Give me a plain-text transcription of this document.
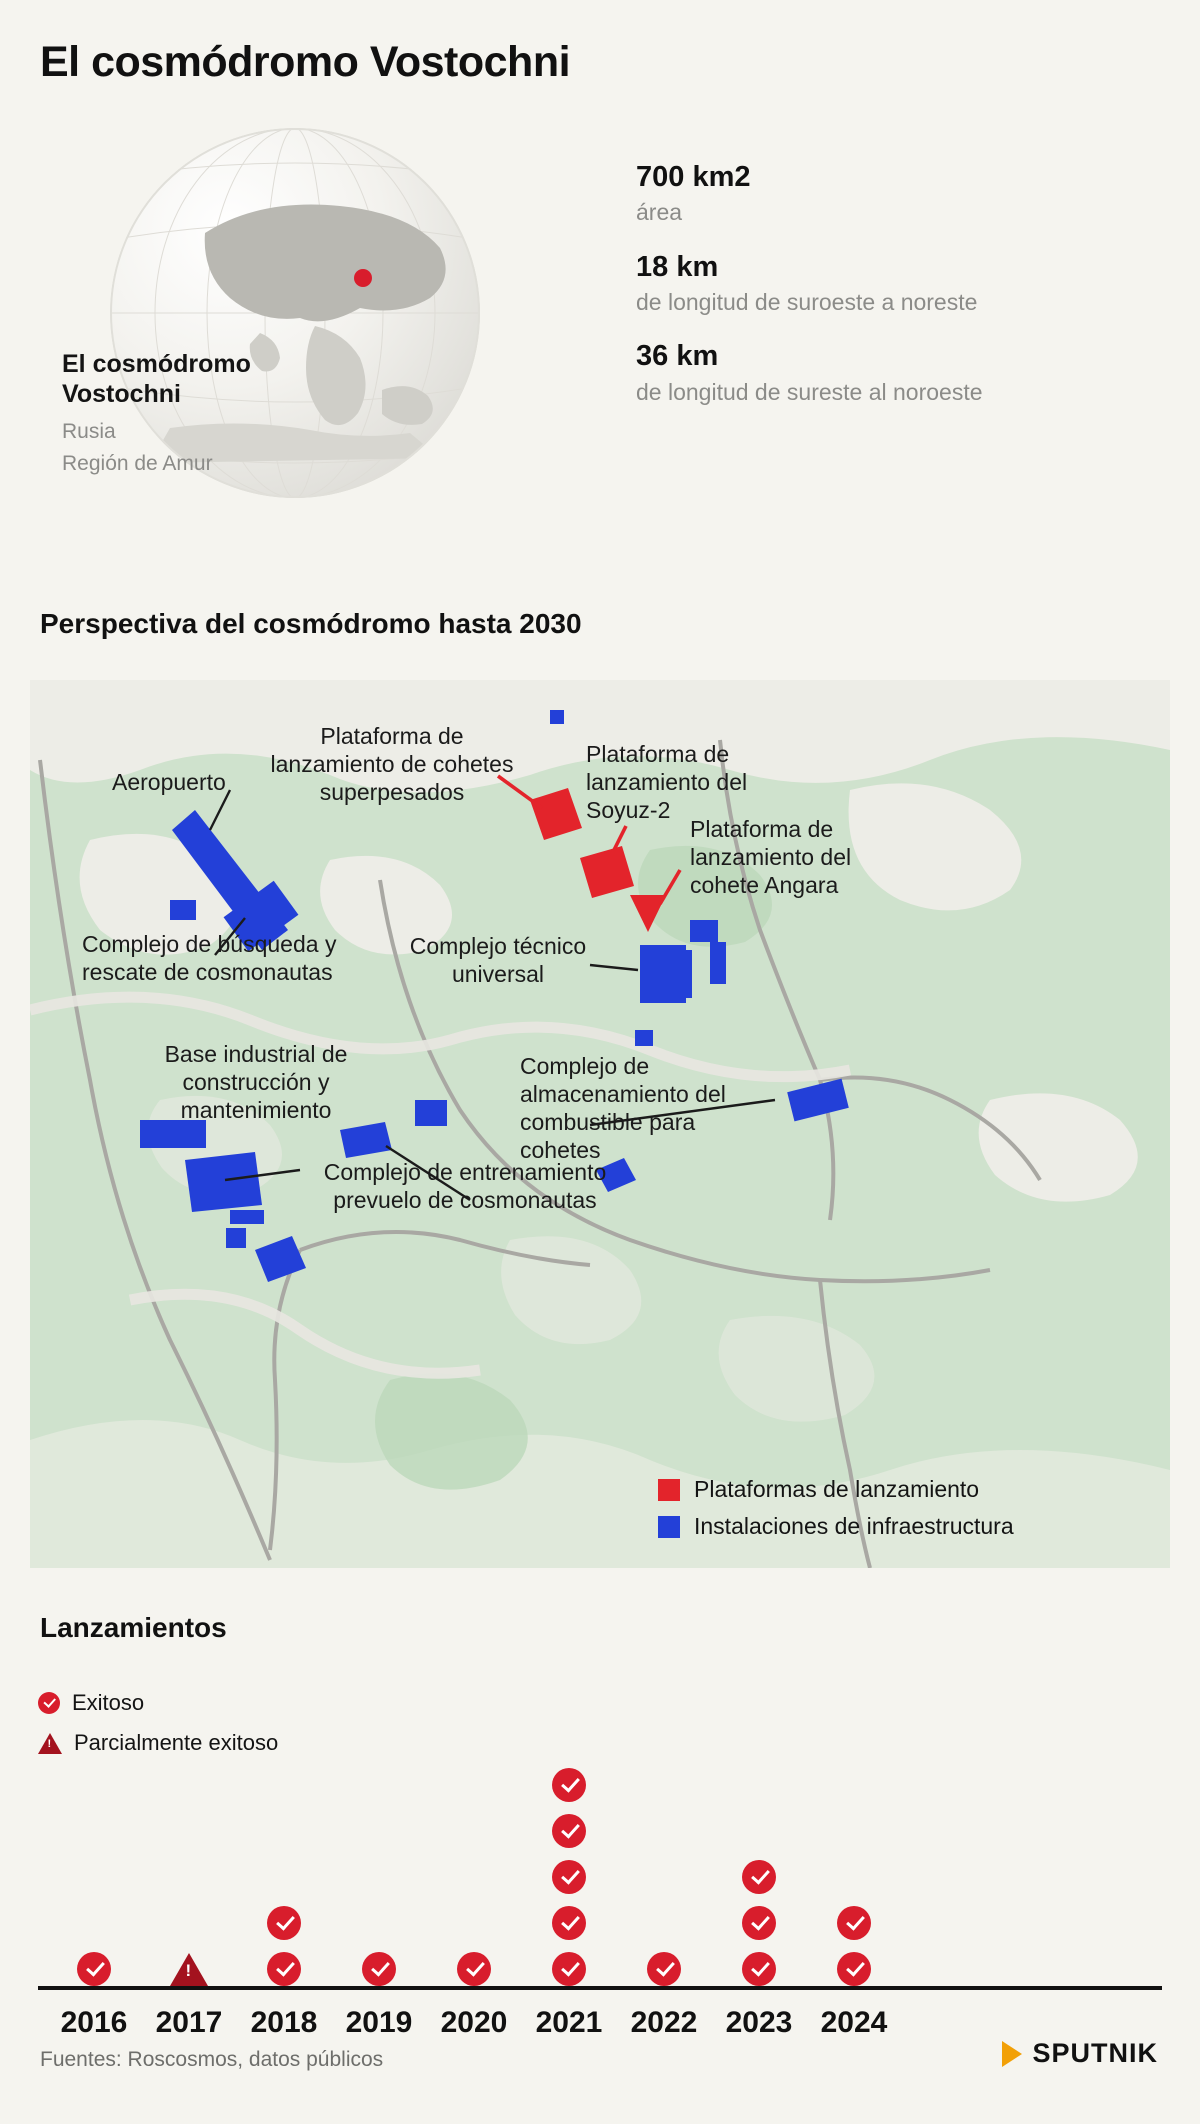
El cosmódromo Vostochni
El cosmódromo
Vostochni
Rusia
Región de Amur
700 km2
área
18 km
de longitud de suroeste a noreste
36 km
de longitud de sureste al noroeste
Perspectiva del cosmódromo hasta 2030
Aeropuerto
Plataforma de lanzamiento de cohetes superpesados
Plataforma de lanzamiento del Soyuz-2
Plataforma de lanzamiento del cohete Angara
Complejo de búsqueda y rescate de cosmonautas
Complejo técnico universal
Base industrial de construcción y mantenimiento
Complejo de almacenamiento del combustible para cohetes
Complejo de entrenamiento prevuelo de cosmonautas
Plataformas de lanzamiento
Instalaciones de infraestructura
Lanzamientos
Exitoso
!
Parcialmente exitoso
2016
! 2017 2018 2019 2020 2021 2022 2023 2024
Fuentes: Roscosmos, datos públicos	SPUTNIK
